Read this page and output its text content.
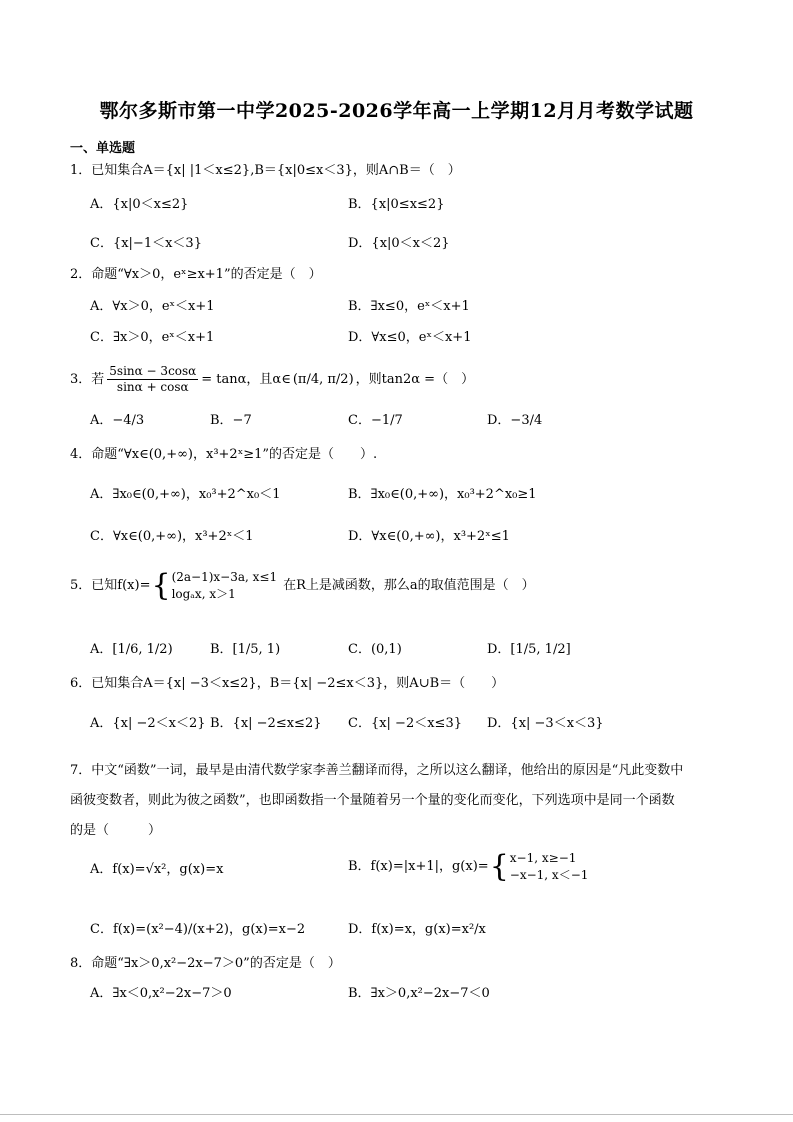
鄂尔多斯市第一中学2025-2026学年高一上学期12月月考数学试题
一、单选题
1．已知集合A＝{x| |1＜x≤2},B＝{x|0≤x＜3}，则A∩B＝（　）
A．{x|0＜x≤2}	B．{x|0≤x≤2}
C．{x|−1＜x＜3}	D．{x|0＜x＜2}
2．命题“∀x＞0，eˣ≥x+1”的否定是（　）
A．∀x＞0，eˣ＜x+1	B．∃x≤0，eˣ＜x+1
C．∃x＞0，eˣ＜x+1	D．∀x≤0，eˣ＜x+1
3．若 $\frac{5\sin\alpha - 3\cos\alpha}{\sin\alpha + \cos\alpha} = \tan\alpha$，且α∈ (π/4, π/2) ，则tan2α =（　）
A．−4/3	B．−7	C．−1/7	D．−3/4
4．命题“∀x∈(0,+∞)，x³+2ˣ≥1”的否定是（　　）.
A．∃x₀∈(0,+∞)，x₀³+2^x₀＜1	B．∃x₀∈(0,+∞)，x₀³+2^x₀≥1
C．∀x∈(0,+∞)，x³+2ˣ＜1	D．∀x∈(0,+∞)，x³+2ˣ≤1
5．已知 f(x)= { (2a−1)x−3a, x≤1
logₐx, x＞1
在R上是减函数，那么a的取值范围是（　）
A．[1/6, 1/2)	B．[1/5, 1)	C．(0,1)	D．[1/5, 1/2]
6．已知集合A＝{x| −3＜x≤2}，B＝{x| −2≤x＜3}，则A∪B＝（　　）
A．{x| −2＜x＜2} B．{x| −2≤x≤2} C．{x| −2＜x≤3} D．{x| −3＜x＜3}
7．中文“函数”一词，最早是由清代数学家李善兰翻译而得，之所以这么翻译，他给出的原因是“凡此变数中
函彼变数者，则此为彼之函数”，也即函数指一个量随着另一个量的变化而变化，下列选项中是同一个函数
的是（　　　）
A．f(x)=√x²，g(x)=x	B．f(x)=|x+1|，g(x)= { x−1, x≥−1
−x−1, x＜−1
C．f(x)=(x²−4)/(x+2)，g(x)=x−2	D．f(x)=x，g(x)=x²/x
8．命题“∃x＞0,x²−2x−7＞0”的否定是（　）
A．∃x＜0,x²−2x−7＞0	B．∃x＞0,x²−2x−7＜0
